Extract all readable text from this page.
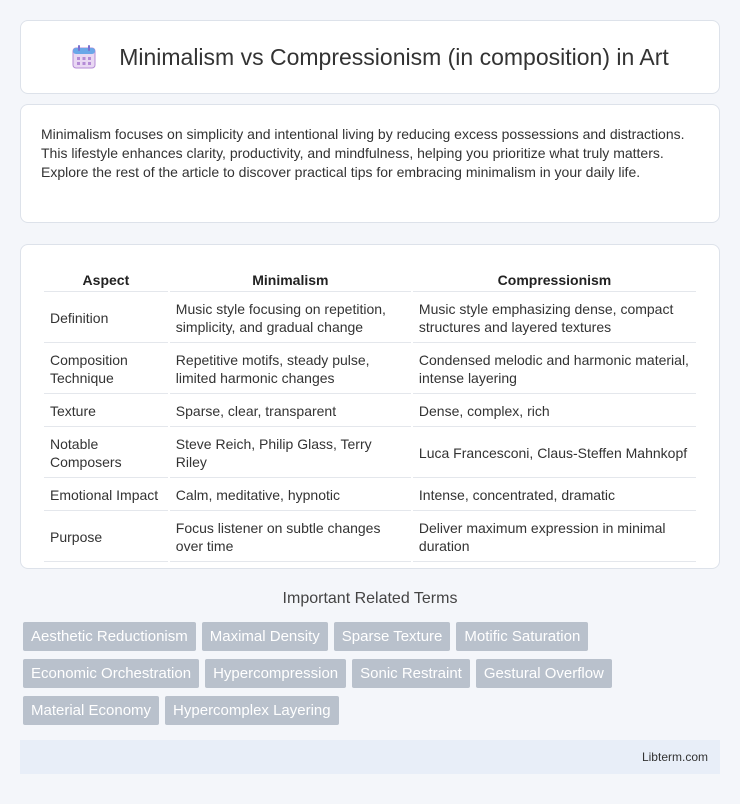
Minimalism vs Compressionism (in composition) in Art

Minimalism focuses on simplicity and intentional living by reducing excess possessions and distractions. This lifestyle enhances clarity, productivity, and mindfulness, helping you prioritize what truly matters. Explore the rest of the article to discover practical tips for embracing minimalism in your daily life.

Aspect	Minimalism	Compressionism
Definition	Music style focusing on repetition, simplicity, and gradual change	Music style emphasizing dense, compact structures and layered textures
Composition Technique	Repetitive motifs, steady pulse, limited harmonic changes	Condensed melodic and harmonic material, intense layering
Texture	Sparse, clear, transparent	Dense, complex, rich
Notable Composers	Steve Reich, Philip Glass, Terry Riley	Luca Francesconi, Claus-Steffen Mahnkopf
Emotional Impact	Calm, meditative, hypnotic	Intense, concentrated, dramatic
Purpose	Focus listener on subtle changes over time	Deliver maximum expression in minimal duration
Important Related Terms
Aesthetic Reductionism	Maximal Density	Sparse Texture	Motific Saturation
Economic Orchestration	Hypercompression	Sonic Restraint	Gestural Overflow
Material Economy	Hypercomplex Layering
Libterm.com
